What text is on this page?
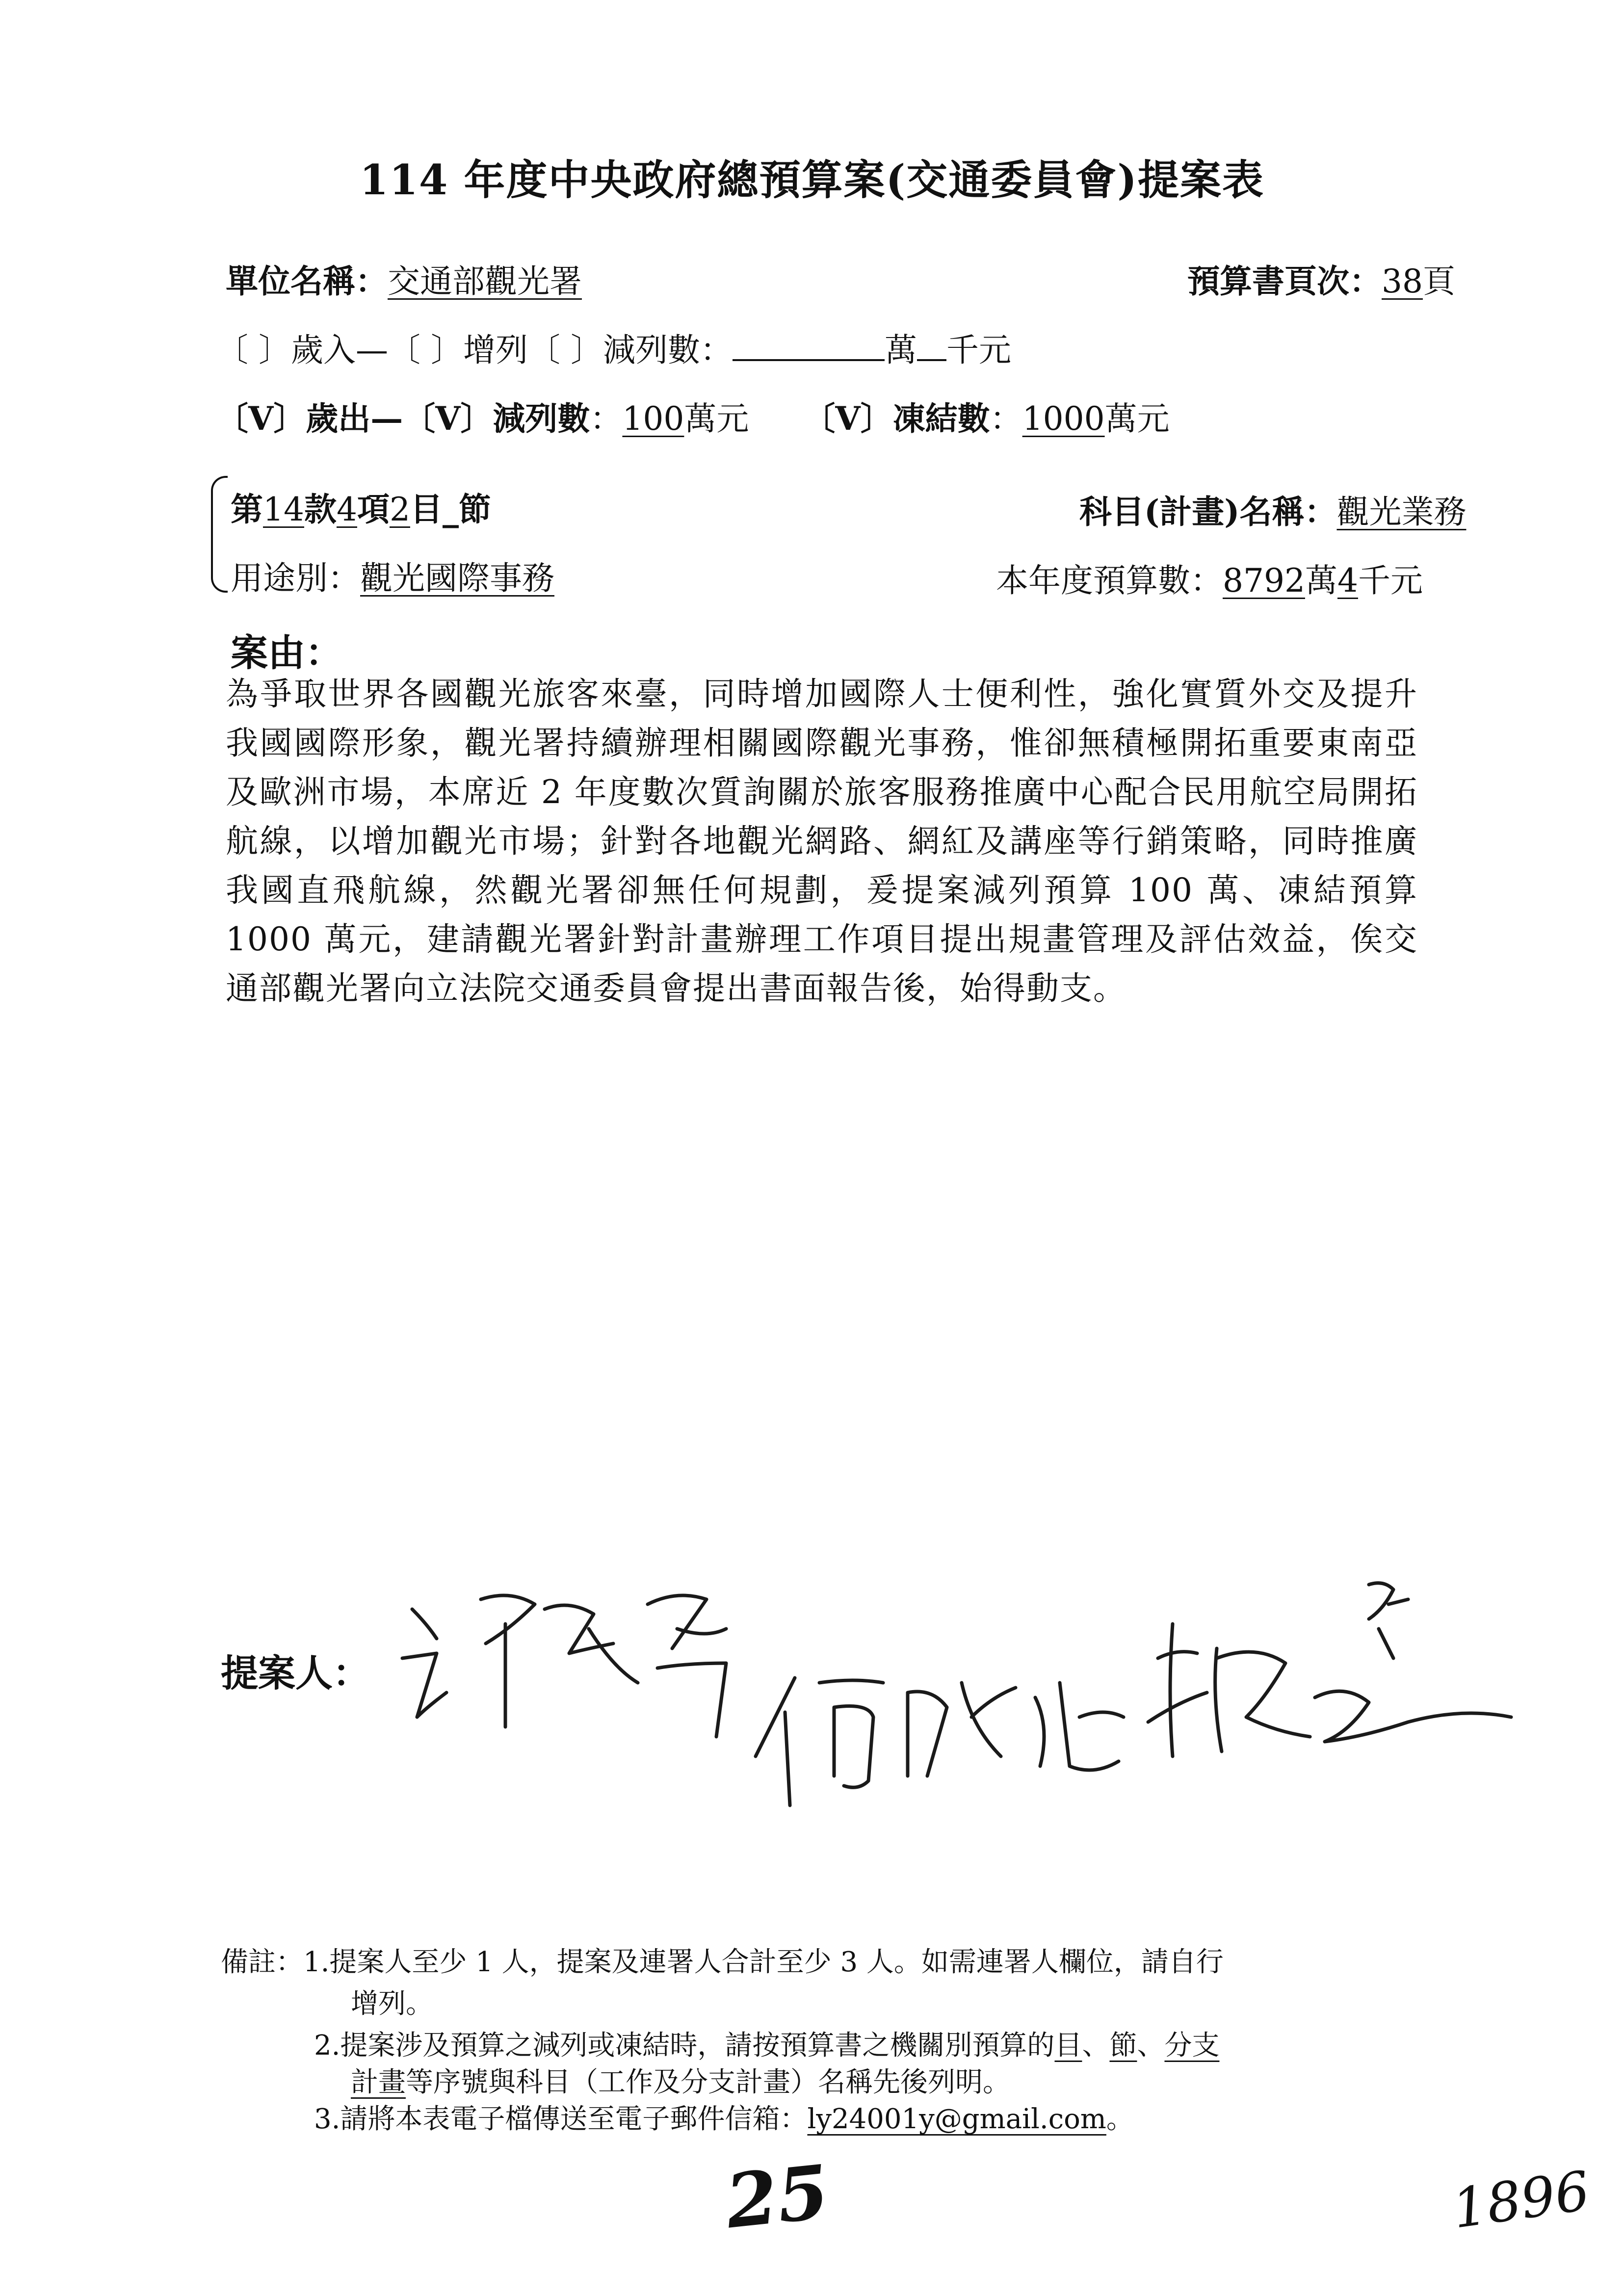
114 年度中央政府總預算案(交通委員會)提案表
單位名稱：交通部觀光署	預算書頁次：38頁
〔 〕歲入—〔 〕增列〔 〕減列數：	萬 千元
〔V〕歲出—〔V〕減列數：100萬元 〔V〕凍結數：1000萬元
第14款4項2目_節	科目(計畫)名稱：觀光業務
用途別：觀光國際事務	本年度預算數：8792萬4千元
案由：
為爭取世界各國觀光旅客來臺，同時增加國際人士便利性，強化實質外交及提升我國國際形象，觀光署持續辦理相關國際觀光事務，惟卻無積極開拓重要東南亞及歐洲市場，本席近 2 年度數次質詢關於旅客服務推廣中心配合民用航空局開拓航線，以增加觀光市場；針對各地觀光網路、網紅及講座等行銷策略，同時推廣我國直飛航線，然觀光署卻無任何規劃，爰提案減列預算 100 萬、凍結預算 1000 萬元，建請觀光署針對計畫辦理工作項目提出規畫管理及評估效益，俟交通部觀光署向立法院交通委員會提出書面報告後，始得動支。
提案人：
備註：1.提案人至少 1 人，提案及連署人合計至少 3 人。如需連署人欄位，請自行
增列。
2.提案涉及預算之減列或凍結時，請按預算書之機關別預算的目、節、分支
計畫等序號與科目（工作及分支計畫）名稱先後列明。
3.請將本表電子檔傳送至電子郵件信箱：ly24001y@gmail.com。
25	1896
